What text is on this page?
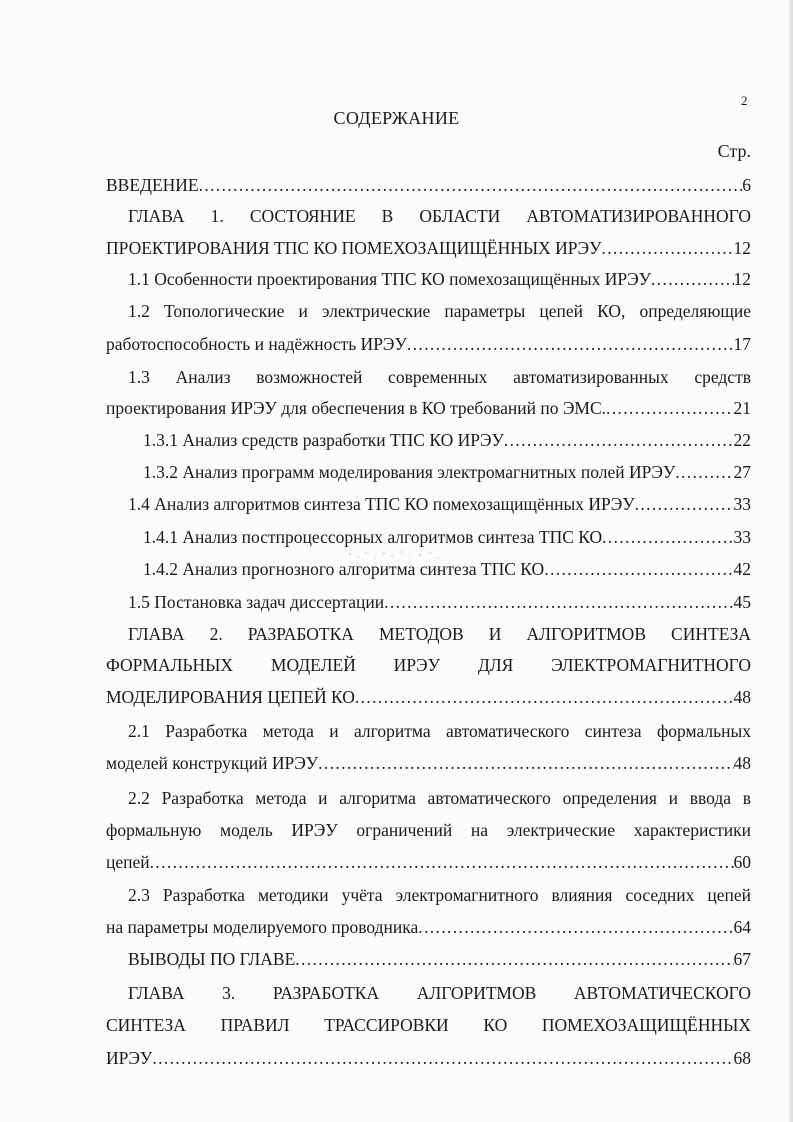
2
СОДЕРЖАНИЕ
Стр.
ВВЕДЕНИЕ . . .	6
ГЛАВА 1. СОСТОЯНИЕ В ОБЛАСТИ АВТОМАТИЗИРОВАННОГО
ПРОЕКТИРОВАНИЯ ТПС КО ПОМЕХОЗАЩИЩЁННЫХ ИРЭУ . . .	12
1.1 Особенности проектирования ТПС КО помехозащищённых ИРЭУ . . .	12
1.2 Топологические и электрические параметры цепей КО, определяющие
работоспособность и надёжность ИРЭУ . . .	17
1.3 Анализ возможностей современных автоматизированных средств
проектирования ИРЭУ для обеспечения в КО требований по ЭМС. . . .	21
1.3.1 Анализ средств разработки ТПС КО ИРЭУ . . .	22
1.3.2 Анализ программ моделирования электромагнитных полей ИРЭУ . . .	27
1.4 Анализ алгоритмов синтеза ТПС КО помехозащищённых ИРЭУ . . .	33
1.4.1 Анализ постпроцессорных алгоритмов синтеза ТПС КО . . .	33
1.4.2 Анализ прогнозного алгоритма синтеза ТПС КО . . .	42
1.5 Постановка задач диссертации . . .	45
ГЛАВА 2. РАЗРАБОТКА МЕТОДОВ И АЛГОРИТМОВ СИНТЕЗА
ФОРМАЛЬНЫХ МОДЕЛЕЙ ИРЭУ ДЛЯ ЭЛЕКТРОМАГНИТНОГО
МОДЕЛИРОВАНИЯ ЦЕПЕЙ КО . . .	48
2.1 Разработка метода и алгоритма автоматического синтеза формальных
моделей конструкций ИРЭУ . . .	48
2.2 Разработка метода и алгоритма автоматического определения и ввода в
формальную модель ИРЭУ ограничений на электрические характеристики
цепей . . .	60
2.3 Разработка методики учёта электромагнитного влияния соседних цепей
на параметры моделируемого проводника . . .	64
ВЫВОДЫ ПО ГЛАВЕ . . .	67
ГЛАВА 3. РАЗРАБОТКА АЛГОРИТМОВ АВТОМАТИЧЕСКОГО
СИНТЕЗА ПРАВИЛ ТРАССИРОВКИ КО ПОМЕХОЗАЩИЩЁННЫХ
ИРЭУ . . .	68
